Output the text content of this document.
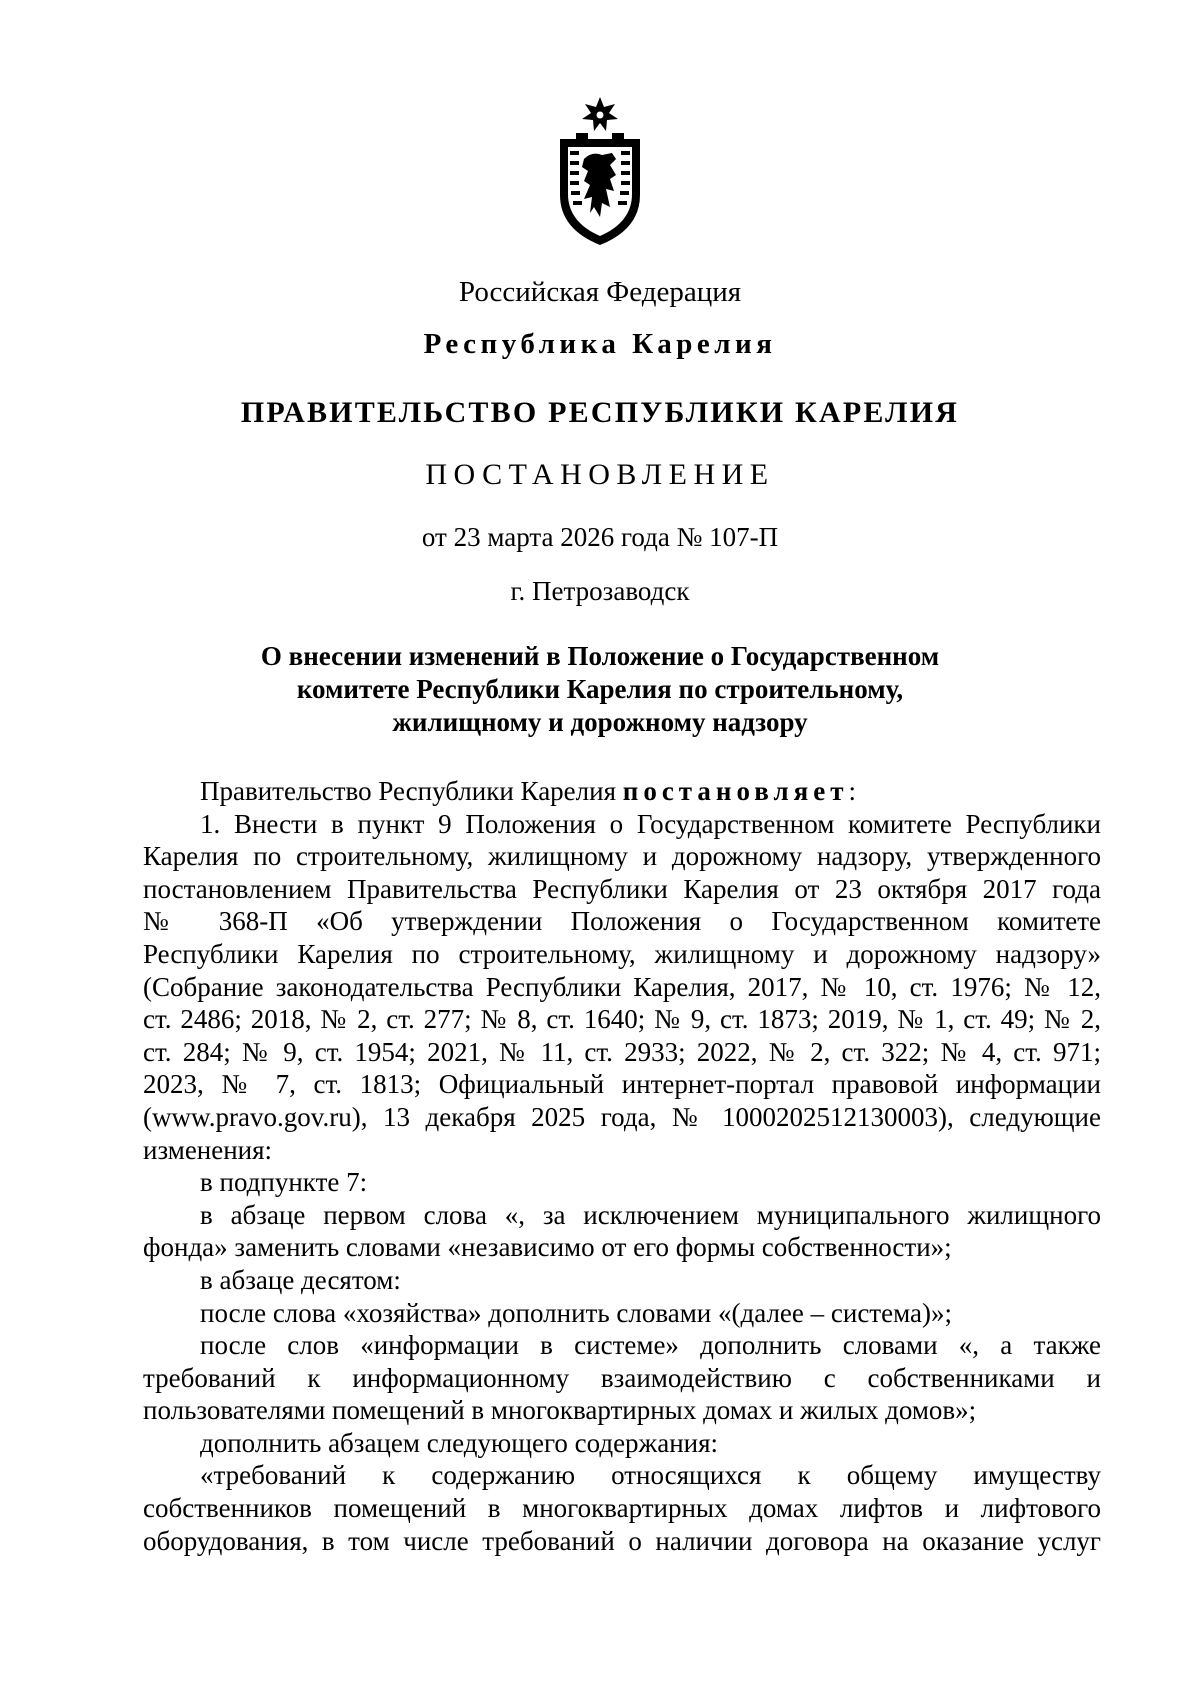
Российская Федерация
Республика Карелия
ПРАВИТЕЛЬСТВО РЕСПУБЛИКИ КАРЕЛИЯ
ПОСТАНОВЛЕНИЕ
от 23 марта 2026 года № 107-П
г. Петрозаводск
О внесении изменений в Положение о Государственном
комитете Республики Карелия по строительному,
жилищному и дорожному надзору
Правительство Республики Карелия постановляет:
1. Внести в пункт 9 Положения о Государственном комитете Республики
Карелия по строительному, жилищному и дорожному надзору, утвержденного
постановлением Правительства Республики Карелия от 23 октября 2017 года
№ 368-П «Об утверждении Положения о Государственном комитете
Республики Карелия по строительному, жилищному и дорожному надзору»
(Собрание законодательства Республики Карелия, 2017, № 10, ст. 1976; № 12,
ст. 2486; 2018, № 2, ст. 277; № 8, ст. 1640; № 9, ст. 1873; 2019, № 1, ст. 49; № 2,
ст. 284; № 9, ст. 1954; 2021, № 11, ст. 2933; 2022, № 2, ст. 322; № 4, ст. 971;
2023, № 7, ст. 1813; Официальный интернет-портал правовой информации
(www.pravo.gov.ru), 13 декабря 2025 года, № 1000202512130003), следующие
изменения:
в подпункте 7:
в абзаце первом слова «, за исключением муниципального жилищного
фонда» заменить словами «независимо от его формы собственности»;
в абзаце десятом:
после слова «хозяйства» дополнить словами «(далее – система)»;
после слов «информации в системе» дополнить словами «, а также
требований к информационному взаимодействию с собственниками и
пользователями помещений в многоквартирных домах и жилых домов»;
дополнить абзацем следующего содержания:
«требований к содержанию относящихся к общему имуществу
собственников помещений в многоквартирных домах лифтов и лифтового
оборудования, в том числе требований о наличии договора на оказание услуг
